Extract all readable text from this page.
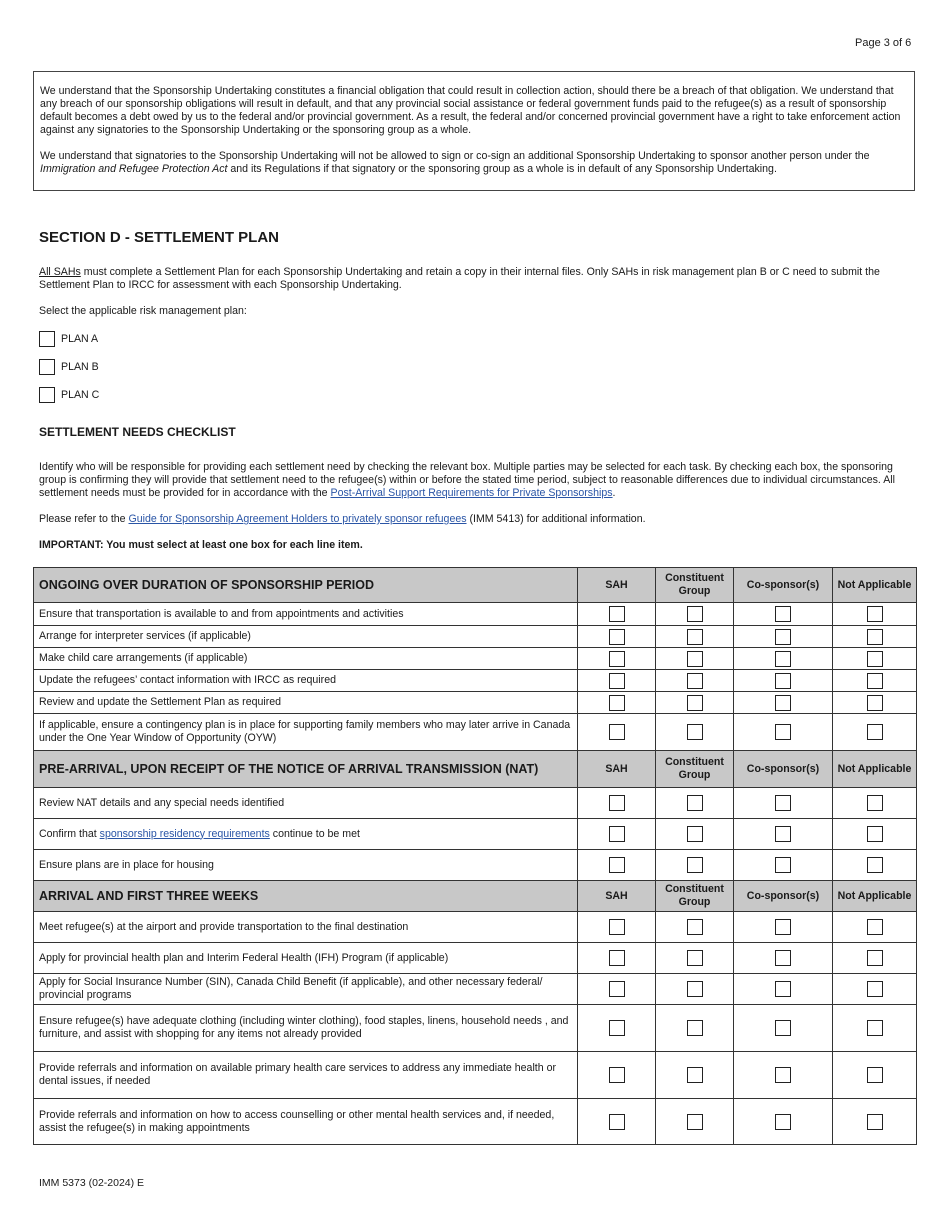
Page 3 of 6

We understand that the Sponsorship Undertaking constitutes a financial obligation that could result in collection action, should there be a breach of that obligation. We understand that any breach of our sponsorship obligations will result in default, and that any provincial social assistance or federal government funds paid to the refugee(s) as a result of sponsorship default becomes a debt owed by us to the federal and/or provincial government. As a result, the federal and/or concerned provincial government have a right to take enforcement action against any signatories to the Sponsorship Undertaking or the sponsoring group as a whole.

We understand that signatories to the Sponsorship Undertaking will not be allowed to sign or co-sign an additional Sponsorship Undertaking to sponsor another person under the Immigration and Refugee Protection Act and its Regulations if that signatory or the sponsoring group as a whole is in default of any Sponsorship Undertaking.

SECTION D - SETTLEMENT PLAN
All SAHs must complete a Settlement Plan for each Sponsorship Undertaking and retain a copy in their internal files. Only SAHs in risk management plan B or C need to submit the Settlement Plan to IRCC for assessment with each Sponsorship Undertaking.
Select the applicable risk management plan:
PLAN A
PLAN B
PLAN C
SETTLEMENT NEEDS CHECKLIST
Identify who will be responsible for providing each settlement need by checking the relevant box. Multiple parties may be selected for each task. By checking each box, the sponsoring group is confirming they will provide that settlement need to the refugee(s) within or before the stated time period, subject to reasonable differences due to individual circumstances. All settlement needs must be provided for in accordance with the Post-Arrival Support Requirements for Private Sponsorships.
Please refer to the Guide for Sponsorship Agreement Holders to privately sponsor refugees (IMM 5413) for additional information.
IMPORTANT: You must select at least one box for each line item.
ONGOING OVER DURATION OF SPONSORSHIP PERIOD	SAH	Constituent Group	Co-sponsor(s)	Not Applicable
Ensure that transportation is available to and from appointments and activities				
Arrange for interpreter services (if applicable)				
Make child care arrangements (if applicable)				
Update the refugees’ contact information with IRCC as required				
Review and update the Settlement Plan as required				
If applicable, ensure a contingency plan is in place for supporting family members who may later arrive in Canada under the One Year Window of Opportunity (OYW)				
PRE-ARRIVAL, UPON RECEIPT OF THE NOTICE OF ARRIVAL TRANSMISSION (NAT)	SAH	Constituent Group	Co-sponsor(s)	Not Applicable
Review NAT details and any special needs identified				
Confirm that sponsorship residency requirements continue to be met				
Ensure plans are in place for housing				
ARRIVAL AND FIRST THREE WEEKS	SAH	Constituent Group	Co-sponsor(s)	Not Applicable
Meet refugee(s) at the airport and provide transportation to the final destination				
Apply for provincial health plan and Interim Federal Health (IFH) Program (if applicable)				
Apply for Social Insurance Number (SIN), Canada Child Benefit (if applicable), and other necessary federal/ provincial programs				
Ensure refugee(s) have adequate clothing (including winter clothing), food staples, linens, household needs , and furniture, and assist with shopping for any items not already provided				
Provide referrals and information on available primary health care services to address any immediate health or dental issues, if needed				
Provide referrals and information on how to access counselling or other mental health services and, if needed, assist the refugee(s) in making appointments				
IMM 5373 (02-2024) E
